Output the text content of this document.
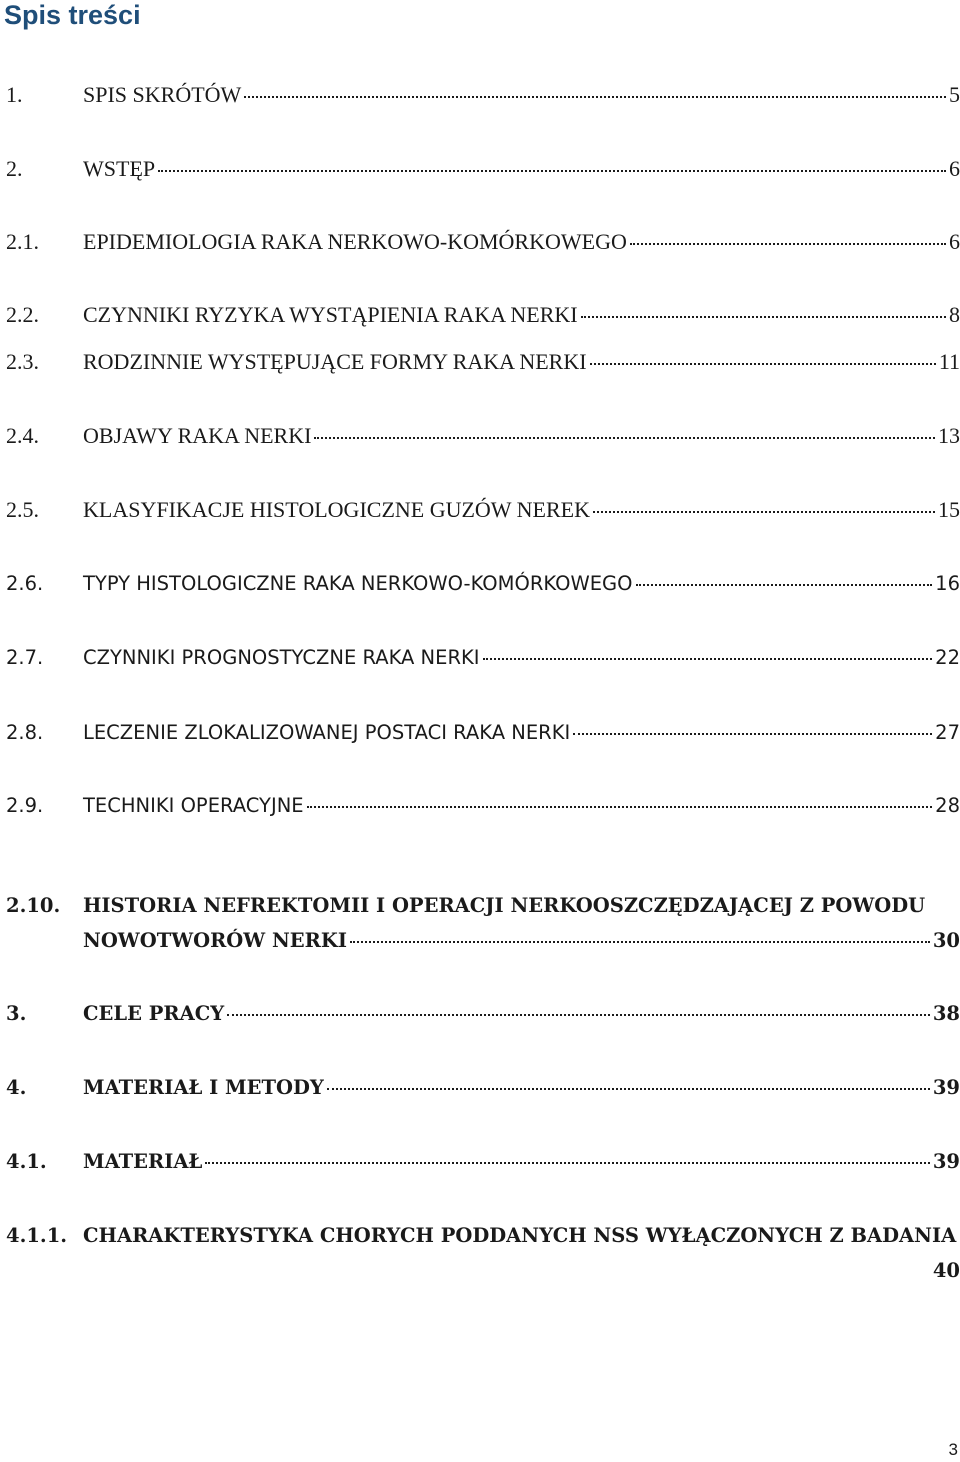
Spis treści
1.	SPIS SKRÓTÓW	5
2.	WSTĘP	6
2.1. EPIDEMIOLOGIA RAKA NERKOWO-KOMÓRKOWEGO	6
2.2. CZYNNIKI RYZYKA WYSTĄPIENIA RAKA NERKI	8
2.3. RODZINNIE WYSTĘPUJĄCE FORMY RAKA NERKI	11
2.4. OBJAWY RAKA NERKI	13
2.5. KLASYFIKACJE HISTOLOGICZNE GUZÓW NEREK	15
2.6. TYPY HISTOLOGICZNE RAKA NERKOWO-KOMÓRKOWEGO	16
2.7. CZYNNIKI PROGNOSTYCZNE RAKA NERKI	22
2.8. LECZENIE ZLOKALIZOWANEJ POSTACI RAKA NERKI	27
2.9. TECHNIKI OPERACYJNE	28
2.10. HISTORIA NEFREKTOMII I OPERACJI NERKOOSZCZĘDZAJĄCEJ Z POWODU
NOWOTWORÓW NERKI	30
3.	CELE PRACY	38
4.	MATERIAŁ I METODY	39
4.1. MATERIAŁ	39
4.1.1. CHARAKTERYSTYKA CHORYCH PODDANYCH NSS WYŁĄCZONYCH Z BADANIA
40
3
